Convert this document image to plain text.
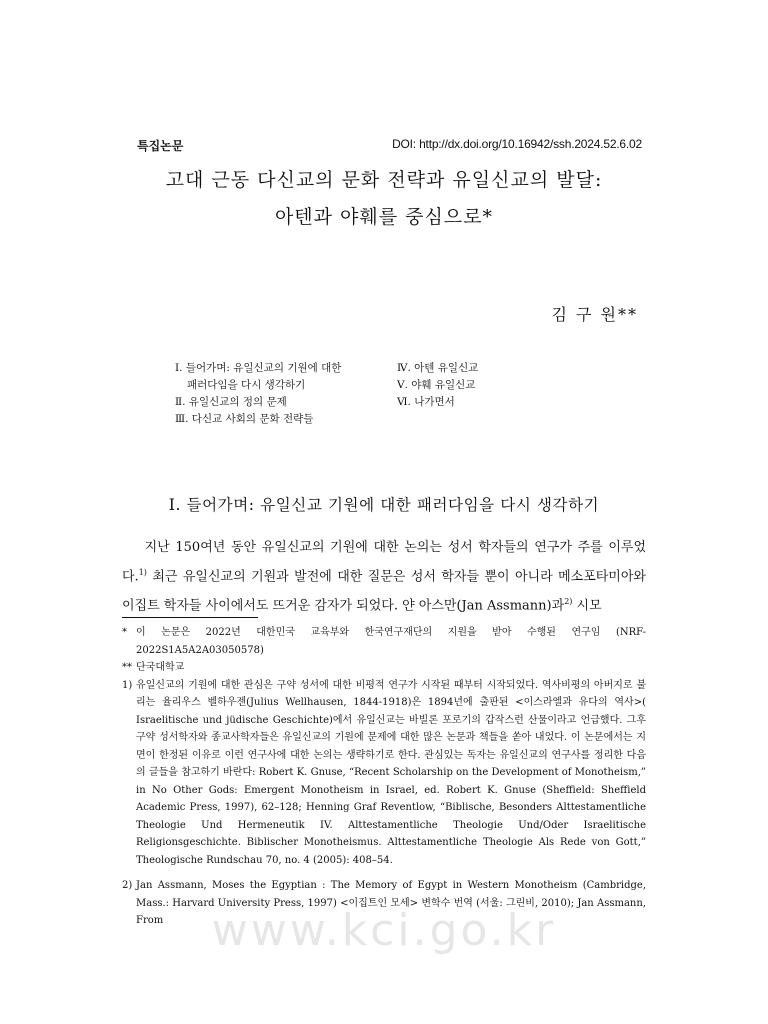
특집논문	DOI: http://dx.doi.org/10.16942/ssh.2024.52.6.02
고대 근동 다신교의 문화 전략과 유일신교의 발달:
아텐과 야훼를 중심으로*
김 구 원**
I. 들어가며: 유일신교의 기원에 대한
패러다임을 다시 생각하기
Ⅱ. 유일신교의 정의 문제
Ⅲ. 다신교 사회의 문화 전략들
Ⅳ. 아텐 유일신교
Ⅴ. 야훼 유일신교
Ⅵ. 나가면서
I. 들어가며: 유일신교 기원에 대한 패러다임을 다시 생각하기
지난 150여년 동안 유일신교의 기원에 대한 논의는 성서 학자들의 연구가 주를 이루었다.$^{1)}$ 최근 유일신교의 기원과 발전에 대한 질문은 성서 학자들 뿐이 아니라 메소포타미아와 이집트 학자들 사이에서도 뜨거운 감자가 되었다. 얀 아스만(Jan Assmann)과$^{2)}$ 시모
* 이 논문은 2022년 대한민국 교육부와 한국연구재단의 지원을 받아 수행된 연구임 (NRF-2022S1A5A2A03050578)
** 단국대학교
1) 유일신교의 기원에 대한 관심은 구약 성서에 대한 비평적 연구가 시작된 때부터 시작되었다. 역사비평의 아버지로 불리는 율리우스 벨하우젠(Julius Wellhausen, 1844-1918)은 1894년에 출판된 <이스라엘과 유다의 역사>( Israelitische und jüdische Geschichte)에서 유일신교는 바빌론 포로기의 갑작스런 산물이라고 언급했다. 그후 구약 성서학자와 종교사학자들은 유일신교의 기원에 문제에 대한 많은 논문과 책들을 쏟아 내었다. 이 논문에서는 지면이 한정된 이유로 이런 연구사에 대한 논의는 생략하기로 한다. 관심있는 독자는 유일신교의 연구사를 정리한 다음의 글들을 참고하기 바란다: Robert K. Gnuse, “Recent Scholarship on the Development of Monotheism,” in No Other Gods: Emergent Monotheism in Israel, ed. Robert K. Gnuse (Sheffield: Sheffield Academic Press, 1997), 62–128; Henning Graf Reventlow, “Biblische, Besonders Alttestamentliche Theologie Und Hermeneutik IV. Alttestamentliche Theologie Und/Oder Israelitische Religionsgeschichte. Biblischer Monotheismus. Alttestamentliche Theologie Als Rede von Gott,” Theologische Rundschau 70, no. 4 (2005): 408–54.
2) Jan Assmann, Moses the Egyptian : The Memory of Egypt in Western Monotheism (Cambridge, Mass.: Harvard University Press, 1997) <이집트인 모세> 변학수 번역 (서울: 그린비, 2010); Jan Assmann, From	www.kci.go.kr
